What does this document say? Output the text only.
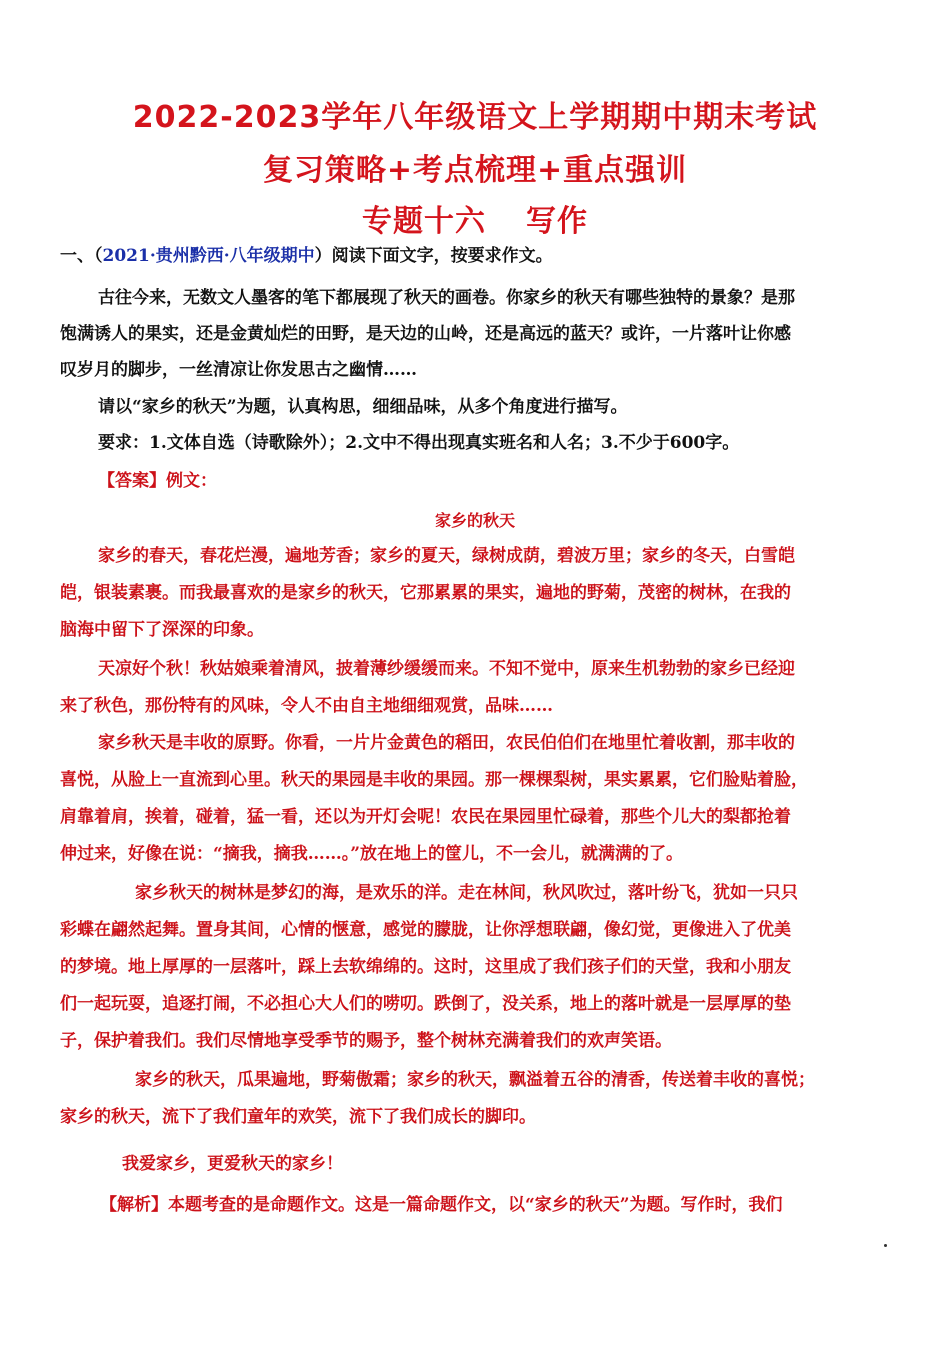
2022-2023学年八年级语文上学期期中期末考试
复习策略+考点梳理+重点强训
专题十六 写作
一、（2021·贵州黔西·八年级期中）阅读下面文字，按要求作文。
古往今来，无数文人墨客的笔下都展现了秋天的画卷。你家乡的秋天有哪些独特的景象？是那
饱满诱人的果实，还是金黄灿烂的田野，是天边的山岭，还是高远的蓝天？或许，一片落叶让你感
叹岁月的脚步，一丝清凉让你发思古之幽情……
请以“家乡的秋天”为题，认真构思，细细品味，从多个角度进行描写。
要求：1.文体自选（诗歌除外）；2.文中不得出现真实班名和人名；3.不少于600字。
【答案】例文：
家乡的秋天
家乡的春天，春花烂漫，遍地芳香；家乡的夏天，绿树成荫，碧波万里；家乡的冬天，白雪皑
皑，银装素裹。而我最喜欢的是家乡的秋天，它那累累的果实，遍地的野菊，茂密的树林，在我的
脑海中留下了深深的印象。
天凉好个秋！秋姑娘乘着清风，披着薄纱缓缓而来。不知不觉中，原来生机勃勃的家乡已经迎
来了秋色，那份特有的风味，令人不由自主地细细观赏，品味……
家乡秋天是丰收的原野。你看，一片片金黄色的稻田，农民伯伯们在地里忙着收割，那丰收的
喜悦，从脸上一直流到心里。秋天的果园是丰收的果园。那一棵棵梨树，果实累累，它们脸贴着脸，
肩靠着肩，挨着，碰着，猛一看，还以为开灯会呢！农民在果园里忙碌着，那些个儿大的梨都抢着
伸过来，好像在说：“摘我，摘我……。”放在地上的筐儿，不一会儿，就满满的了。
家乡秋天的树林是梦幻的海，是欢乐的洋。走在林间，秋风吹过，落叶纷飞，犹如一只只
彩蝶在翩然起舞。置身其间，心情的惬意，感觉的朦胧，让你浮想联翩，像幻觉，更像进入了优美
的梦境。地上厚厚的一层落叶，踩上去软绵绵的。这时，这里成了我们孩子们的天堂，我和小朋友
们一起玩耍，追逐打闹，不必担心大人们的唠叨。跌倒了，没关系，地上的落叶就是一层厚厚的垫
子，保护着我们。我们尽情地享受季节的赐予，整个树林充满着我们的欢声笑语。
家乡的秋天，瓜果遍地，野菊傲霜；家乡的秋天，飘溢着五谷的清香，传送着丰收的喜悦；
家乡的秋天，流下了我们童年的欢笑，流下了我们成长的脚印。
我爱家乡，更爱秋天的家乡！
【解析】本题考查的是命题作文。这是一篇命题作文，以“家乡的秋天”为题。写作时，我们
